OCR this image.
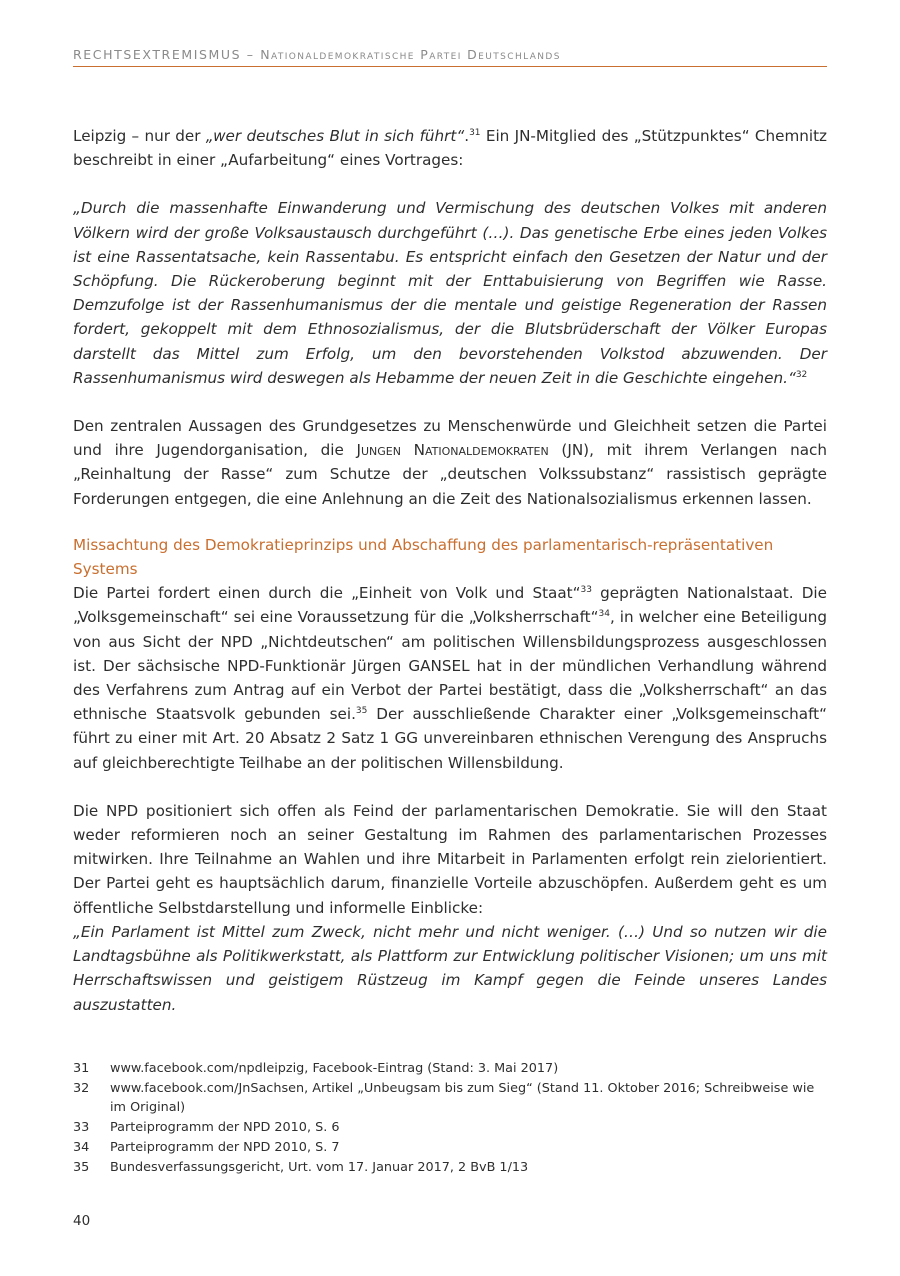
RECHTSEXTREMISMUS – Nationaldemokratische Partei Deutschlands

Leipzig – nur der „wer deutsches Blut in sich führt“.$^{31}$ Ein JN-Mitglied des „Stützpunktes“ Chemnitz beschreibt in einer „Aufarbeitung“ eines Vortrages:

„Durch die massenhafte Einwanderung und Vermischung des deutschen Volkes mit anderen Völkern wird der große Volksaustausch durchgeführt (…). Das genetische Erbe eines jeden Volkes ist eine Rassentatsache, kein Rassentabu. Es entspricht einfach den Gesetzen der Natur und der Schöpfung. Die Rückeroberung beginnt mit der Enttabuisierung von Begriffen wie Rasse. Demzufolge ist der Rassenhumanismus der die mentale und geistige Regeneration der Rassen fordert, gekoppelt mit dem Ethnosozialismus, der die Blutsbrüderschaft der Völker Europas darstellt das Mittel zum Erfolg, um den bevorstehenden Volkstod abzuwenden. Der Rassenhumanismus wird deswegen als Hebamme der neuen Zeit in die Geschichte eingehen.“$^{32}$

Den zentralen Aussagen des Grundgesetzes zu Menschenwürde und Gleichheit setzen die Partei und ihre Jugendorganisation, die Jungen Nationaldemokraten (JN), mit ihrem Verlangen nach „Reinhaltung der Rasse“ zum Schutze der „deutschen Volkssubstanz“ rassistisch geprägte Forderungen entgegen, die eine Anlehnung an die Zeit des Nationalsozialismus erkennen lassen.

Missachtung des Demokratieprinzips und Abschaffung des parlamentarisch-repräsentativen Systems

Die Partei fordert einen durch die „Einheit von Volk und Staat“$^{33}$ geprägten Nationalstaat. Die „Volksgemeinschaft“ sei eine Voraussetzung für die „Volksherrschaft“$^{34}$, in welcher eine Beteiligung von aus Sicht der NPD „Nichtdeutschen“ am politischen Willensbildungsprozess ausgeschlossen ist. Der sächsische NPD-Funktionär Jürgen GANSEL hat in der mündlichen Verhandlung während des Verfahrens zum Antrag auf ein Verbot der Partei bestätigt, dass die „Volksherrschaft“ an das ethnische Staatsvolk gebunden sei.$^{35}$ Der ausschließende Charakter einer „Volksgemeinschaft“ führt zu einer mit Art. 20 Absatz 2 Satz 1 GG unvereinbaren ethnischen Verengung des Anspruchs auf gleichberechtigte Teilhabe an der politischen Willensbildung.

Die NPD positioniert sich offen als Feind der parlamentarischen Demokratie. Sie will den Staat weder reformieren noch an seiner Gestaltung im Rahmen des parlamentarischen Prozesses mitwirken. Ihre Teilnahme an Wahlen und ihre Mitarbeit in Parlamenten erfolgt rein zielorientiert. Der Partei geht es hauptsächlich darum, finanzielle Vorteile abzuschöpfen. Außerdem geht es um öffentliche Selbstdarstellung und informelle Einblicke:

„Ein Parlament ist Mittel zum Zweck, nicht mehr und nicht weniger. (…) Und so nutzen wir die Landtagsbühne als Politikwerkstatt, als Plattform zur Entwicklung politischer Visionen; um uns mit Herrschaftswissen und geistigem Rüstzeug im Kampf gegen die Feinde unseres Landes auszustatten.

31	www.facebook.com/npdleipzig, Facebook-Eintrag (Stand: 3. Mai 2017)
32	www.facebook.com/JnSachsen, Artikel „Unbeugsam bis zum Sieg“ (Stand 11. Oktober 2016; Schreibweise wie im Original)
33	Parteiprogramm der NPD 2010, S. 6
34	Parteiprogramm der NPD 2010, S. 7
35	Bundesverfassungsgericht, Urt. vom 17. Januar 2017, 2 BvB 1/13
40
